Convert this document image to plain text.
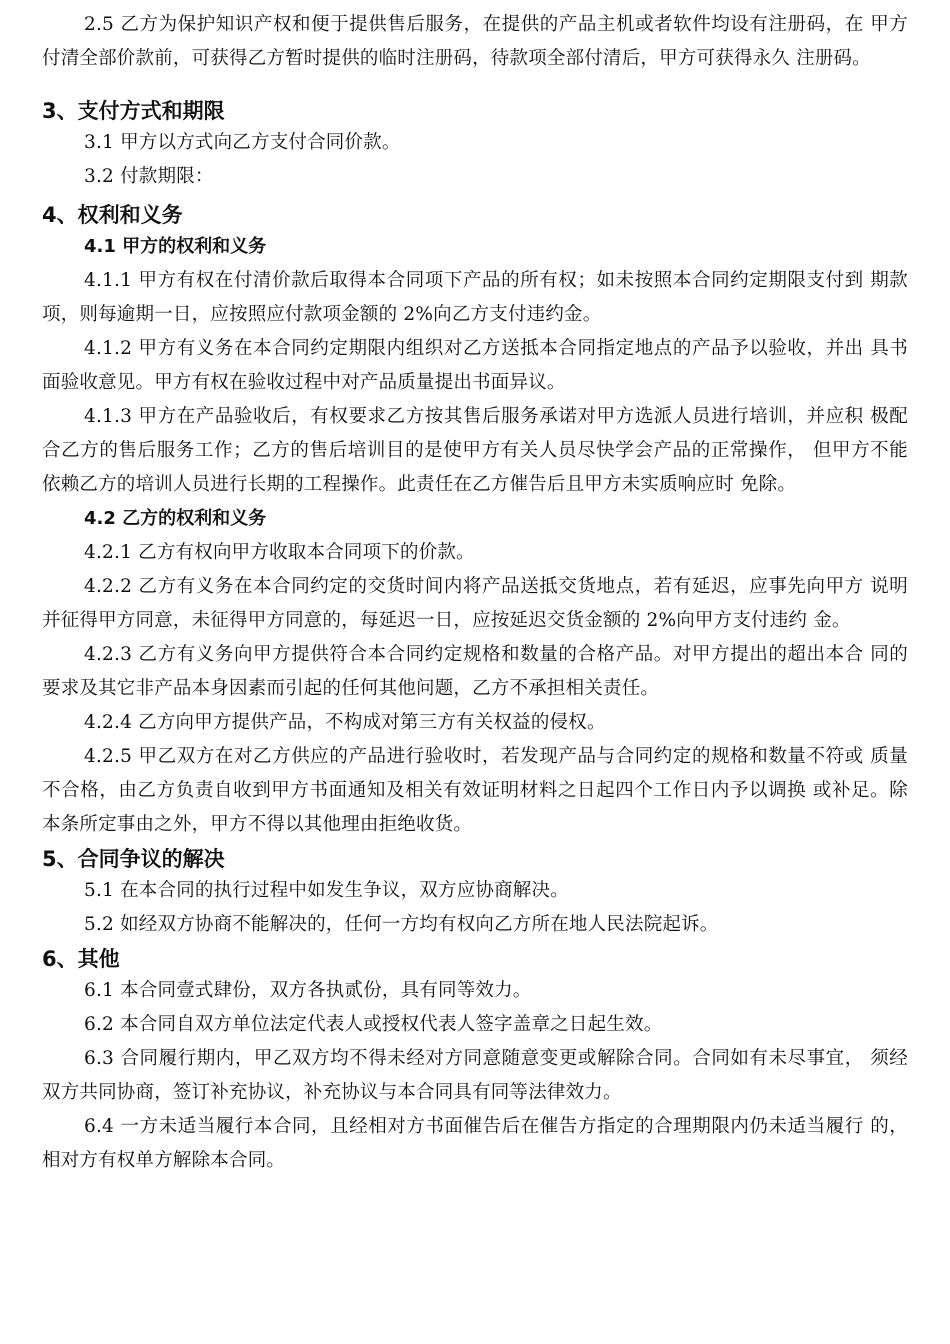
2.5 乙方为保护知识产权和便于提供售后服务，在提供的产品主机或者软件均设有注册码，在 甲方付清全部价款前，可获得乙方暂时提供的临时注册码，待款项全部付清后，甲方可获得永久 注册码。

3、支付方式和期限

3.1 甲方以方式向乙方支付合同价款。

3.2 付款期限：

4、权利和义务
4.1 甲方的权利和义务

4.1.1 甲方有权在付清价款后取得本合同项下产品的所有权；如未按照本合同约定期限支付到 期款项，则每逾期一日，应按照应付款项金额的 2%向乙方支付违约金。

4.1.2 甲方有义务在本合同约定期限内组织对乙方送抵本合同指定地点的产品予以验收，并出 具书面验收意见。甲方有权在验收过程中对产品质量提出书面异议。

4.1.3 甲方在产品验收后，有权要求乙方按其售后服务承诺对甲方选派人员进行培训，并应积 极配合乙方的售后服务工作；乙方的售后培训目的是使甲方有关人员尽快学会产品的正常操作， 但甲方不能依赖乙方的培训人员进行长期的工程操作。此责任在乙方催告后且甲方未实质响应时 免除。

4.2 乙方的权利和义务

4.2.1 乙方有权向甲方收取本合同项下的价款。

4.2.2 乙方有义务在本合同约定的交货时间内将产品送抵交货地点，若有延迟，应事先向甲方 说明并征得甲方同意，未征得甲方同意的，每延迟一日，应按延迟交货金额的 2%向甲方支付违约 金。

4.2.3 乙方有义务向甲方提供符合本合同约定规格和数量的合格产品。对甲方提出的超出本合 同的要求及其它非产品本身因素而引起的任何其他问题，乙方不承担相关责任。

4.2.4 乙方向甲方提供产品，不构成对第三方有关权益的侵权。

4.2.5 甲乙双方在对乙方供应的产品进行验收时，若发现产品与合同约定的规格和数量不符或 质量不合格，由乙方负责自收到甲方书面通知及相关有效证明材料之日起四个工作日内予以调换 或补足。除本条所定事由之外，甲方不得以其他理由拒绝收货。

5、合同争议的解决

5.1 在本合同的执行过程中如发生争议，双方应协商解决。

5.2 如经双方协商不能解决的，任何一方均有权向乙方所在地人民法院起诉。

6、其他

6.1 本合同壹式肆份，双方各执贰份，具有同等效力。

6.2 本合同自双方单位法定代表人或授权代表人签字盖章之日起生效。

6.3 合同履行期内，甲乙双方均不得未经对方同意随意变更或解除合同。合同如有未尽事宜， 须经双方共同协商，签订补充协议，补充协议与本合同具有同等法律效力。

6.4 一方未适当履行本合同，且经相对方书面催告后在催告方指定的合理期限内仍未适当履行 的，相对方有权单方解除本合同。
